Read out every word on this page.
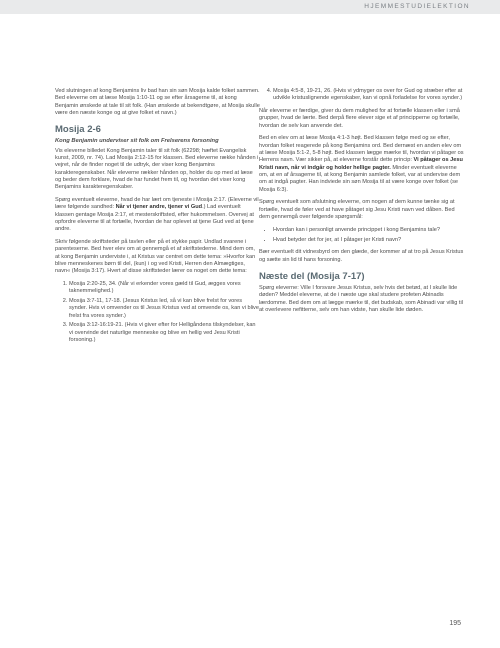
HJEMMESTUDIELEKTION

Ved slutningen af kong Benjamins liv bad han sin søn Mosija kalde folket sammen. Bed eleverne om at læse Mosija 1:10-11 og se efter årsagerne til, at kong Benjamin ønskede at tale til sit folk. (Han ønskede at bekendtgøre, at Mosija skulle være den næste konge og at give folket et navn.)

Mosija 2-6
Kong Benjamin underviser sit folk om Frelserens forsoning

Vis eleverne billedet Kong Benjamin taler til sit folk (62298; hæftet Evangelisk kunst, 2009, nr. 74). Lad Mosija 2:12-15 for klassen. Bed eleverne række hånden i vejret, når de finder noget til de udtryk, der viser kong Benjamins karakteregenskaber. Når eleverne rækker hånden op, holder du op med at læse og beder dem forklare, hvad de har fundet frem til, og hvordan det viser kong Benjamins karakteregenskaber.

Spørg eventuelt eleverne, hvad de har lært om tjeneste i Mosija 2:17. (Eleverne vil lære følgende sandhed: Når vi tjener andre, tjener vi Gud.) Lad eventuelt klassen gentage Mosija 2:17, et mesterskriftsted, efter hukommelsen. Overvej at opfordre eleverne til at fortælle, hvordan de har oplevet at tjene Gud ved at tjene andre.

Skriv følgende skriftsteder på tavlen eller på et stykke papir. Undlad svarene i parenteserne. Bed hver elev om at gennemgå et af skriftstederne. Mind dem om, at kong Benjamin underviste i, at Kristus var centret om dette tema: »Hvorfor kan blive menneskenes børn til del, (kun) i og ved Kristi, Herren den Almægtiges, navn« (Mosija 3:17). Hvert af disse skriftsteder lærer os noget om dette tema:

1. Mosija 2:20-25, 34. (Når vi erkender vores gæld til Gud, ægges vores taknemmelighed.)
2. Mosija 3:7-11, 17-18. (Jesus Kristus led, så vi kan blive frelst for vores synder. Hvis vi omvender os til Jesus Kristus ved at omvende os, kan vi blive frelst fra vores synder.)
3. Mosija 3:12-16:19-21. (Hvis vi giver efter for Helligåndens tilskyndelser, kan vi overvinde det naturlige menneske og blive en hellig ved Jesu Kristi forsoning.)
4. Mosija 4:5-8, 19-21, 26. (Hvis vi ydmyger os over for Gud og stræber efter at udvikle kristuslignende egenskaber, kan vi opnå forladelse for vores synder.)

Når eleverne er færdige, giver du dem mulighed for at fortælle klassen eller i små grupper, hvad de lærte. Bed derpå flere elever sige et af principperne og fortælle, hvordan de selv kan anvende det.

Bed en elev om at læse Mosija 4:1-3 højt. Bed klassen følge med og se efter, hvordan folket reagerede på kong Benjamins ord. Bed dernæst en anden elev om at læse Mosija 5:1-2, 5-8 højt. Bed klassen lægge mærke til, hvordan vi påtager os Herrens navn. Vær sikker på, at eleverne forstår dette princip: Vi påtager os Jesu Kristi navn, når vi indgår og holder hellige pagter. Minder eventuelt eleverne om, at en af årsagerne til, at kong Benjamin samlede folket, var at undervise dem om at indgå pagter. Han indviede sin søn Mosija til at være konge over folket (se Mosija 6:3).

Spørg eventuelt som afslutning eleverne, om nogen af dem kunne tænke sig at fortælle, hvad de føler ved at have påtaget sig Jesu Kristi navn ved dåben. Bed dem gennemgå over følgende spørgsmål:

• Hvordan kan i personligt anvende princippet i kong Benjamins tale?
• Hvad betyder det for jer, at I påtager jer Kristi navn?

Bær eventuelt dit vidnesbyrd om den glæde, der kommer af at tro på Jesus Kristus og sætte sin lid til hans forsoning.

Næste del (Mosija 7-17)

Spørg eleverne: Ville I forsvare Jesus Kristus, selv hvis det betød, at I skulle lide døden? Meddel eleverne, at de i næste uge skal studere profeten Abinadis lærdomme. Bed dem om at lægge mærke til, det budskab, som Abinadi var villig til at overlevere nefitterne, selv om han vidste, han skulle lide døden.

195
